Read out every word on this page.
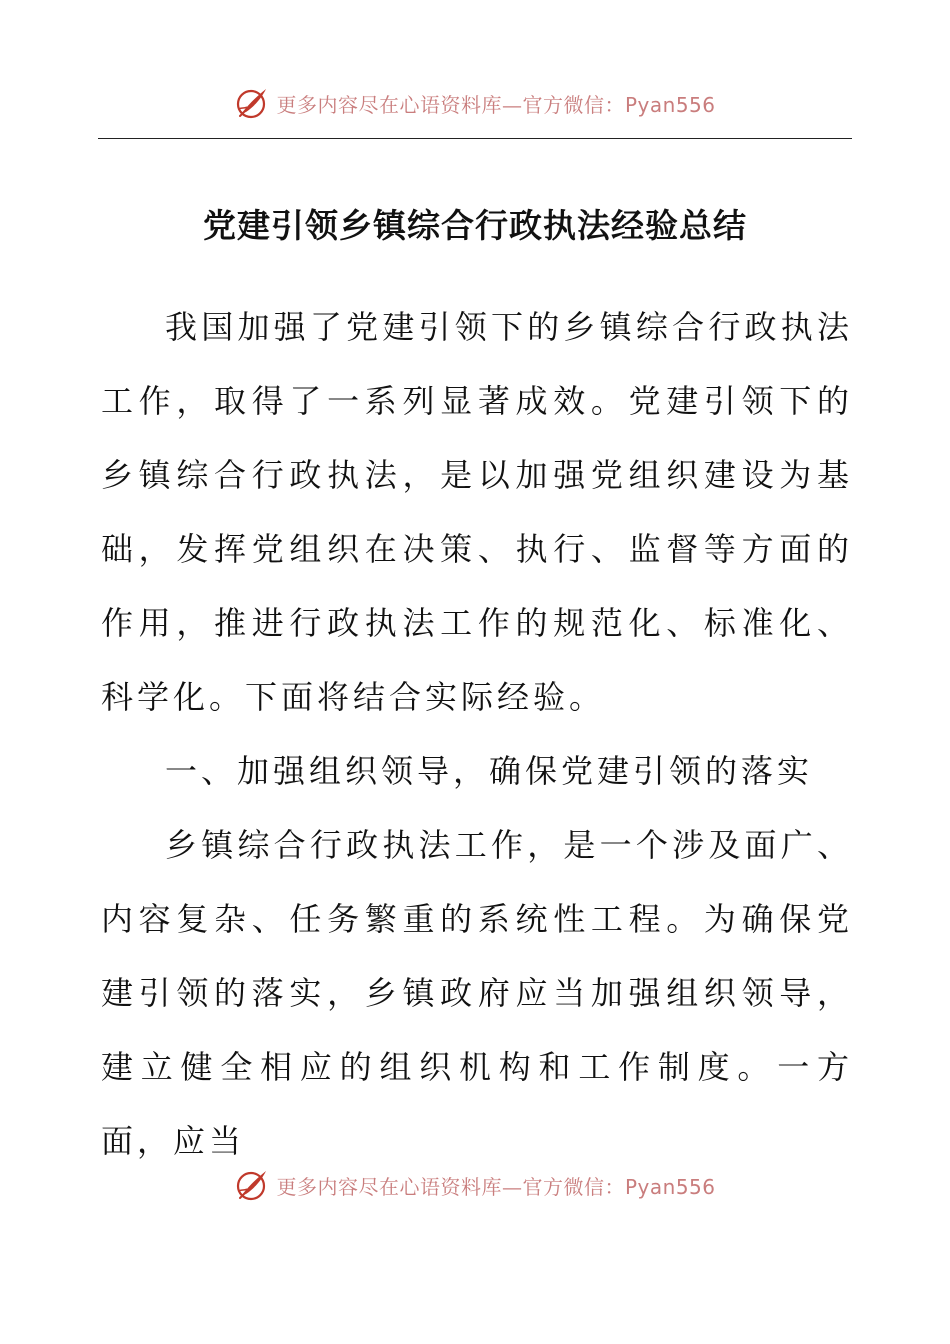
更多内容尽在心语资料库—官方微信：Pyan556
党建引领乡镇综合行政执法经验总结

我国加强了党建引领下的乡镇综合行政执法工作，取得了一系列显著成效。党建引领下的乡镇综合行政执法，是以加强党组织建设为基础，发挥党组织在决策、执行、监督等方面的作用，推进行政执法工作的规范化、标准化、科学化。下面将结合实际经验。

一、加强组织领导，确保党建引领的落实

乡镇综合行政执法工作，是一个涉及面广、内容复杂、任务繁重的系统性工程。为确保党建引领的落实，乡镇政府应当加强组织领导，建立健全相应的组织机构和工作制度。一方面，应当

更多内容尽在心语资料库—官方微信：Pyan556
